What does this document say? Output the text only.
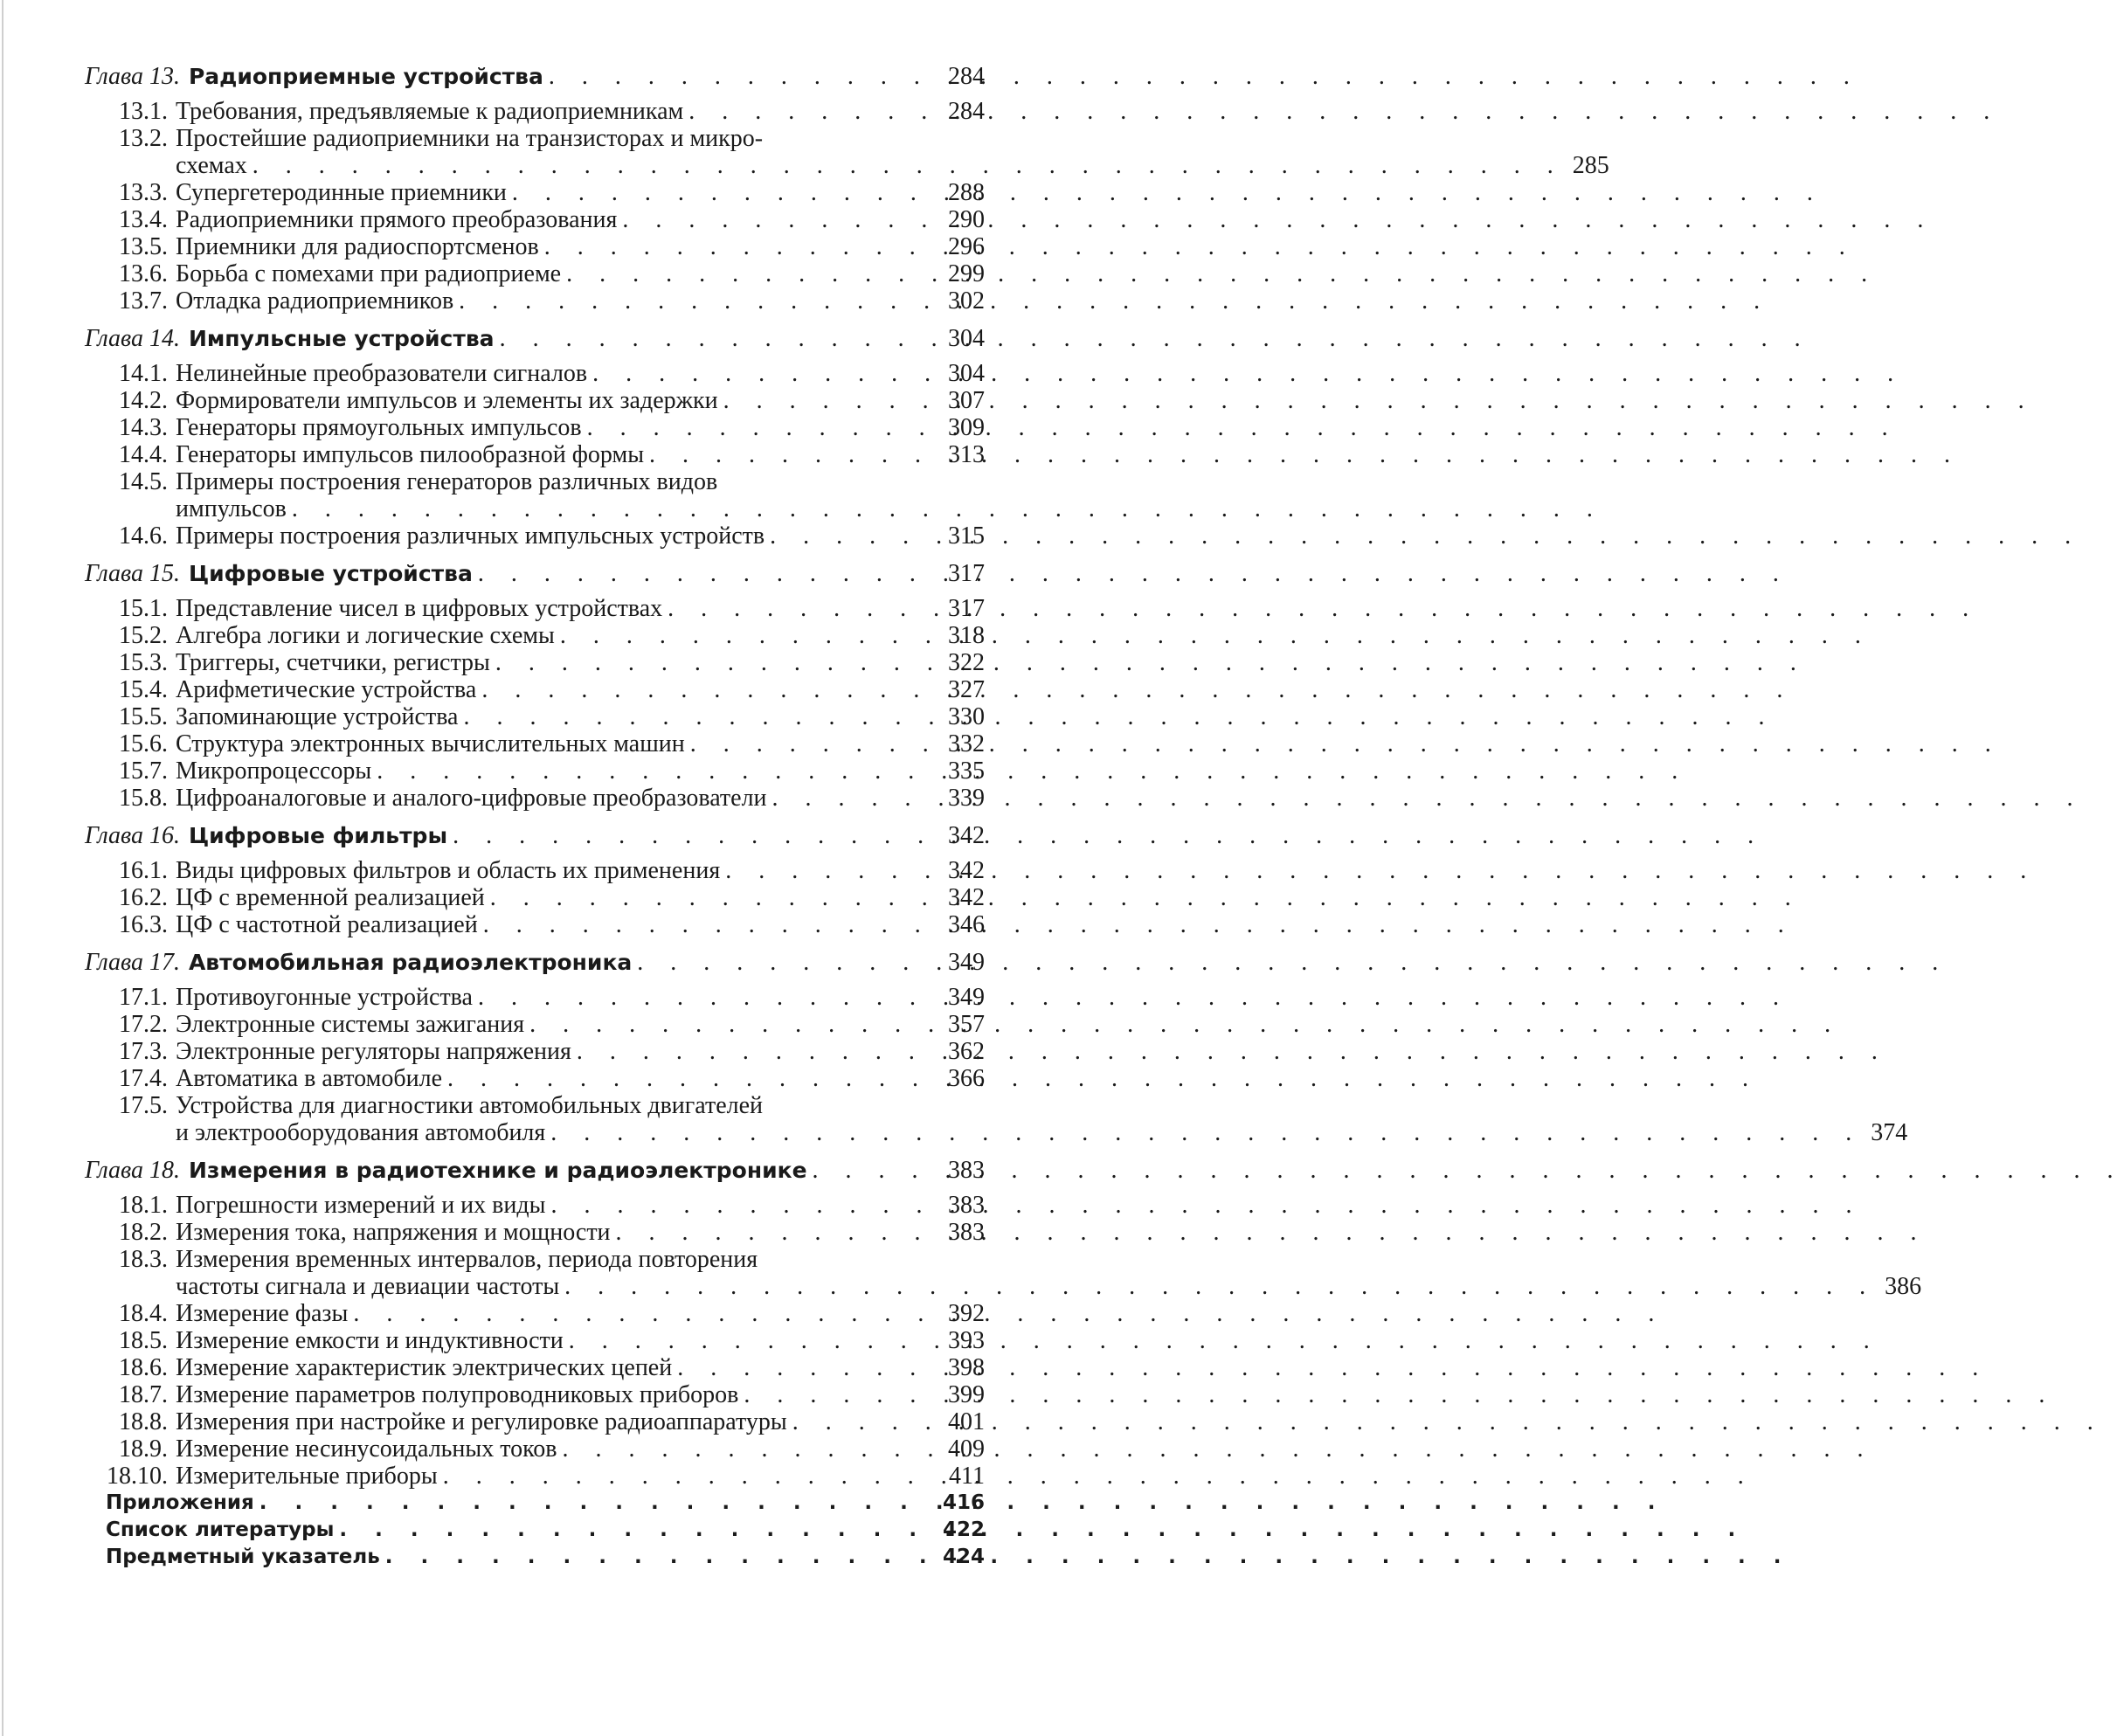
Глава 13. Радиоприемные устройства . . .	284
13.1. Требования, предъявляемые к радиоприемникам . . .	284
13.2. Простейшие радиоприемники на транзисторах и микро-
схемах . . .	285
13.3. Супергетеродинные приемники . . .	288
13.4. Радиоприемники прямого преобразования . . .	290
13.5. Приемники для радиоспортсменов . . .	296
13.6. Борьба с помехами при радиоприеме . . .	299
13.7. Отладка радиоприемников . . .	302
Глава 14. Импульсные устройства . . .	304
14.1. Нелинейные преобразователи сигналов . . .	304
14.2. Формирователи импульсов и элементы их задержки . . .	307
14.3. Генераторы прямоугольных импульсов . . .	309
14.4. Генераторы импульсов пилообразной формы . . .	313
14.5. Примеры построения генераторов различных видов
импульсов
. . .
14.6. Примеры построения различных импульсных устройств . . .	315
Глава 15. Цифровые устройства . . .	317
15.1. Представление чисел в цифровых устройствах . . .	317
15.2. Алгебра логики и логические схемы . . .	318
15.3. Триггеры, счетчики, регистры . . .	322
15.4. Арифметические устройства . . .	327
15.5. Запоминающие устройства . . .	330
15.6. Структура электронных вычислительных машин . . .	332
15.7. Микропроцессоры . . .	335
15.8. Цифроаналоговые и аналого-цифровые преобразователи . . .	339
Глава 16. Цифровые фильтры . . .	342
16.1. Виды цифровых фильтров и область их применения . . .	342
16.2. ЦФ с временной реализацией . . .	342
16.3. ЦФ с частотной реализацией . . .	346
Глава 17. Автомобильная радиоэлектроника . . .	349
17.1. Противоугонные устройства . . .	349
17.2. Электронные системы зажигания . . .	357
17.3. Электронные регуляторы напряжения . . .	362
17.4. Автоматика в автомобиле . . .	366
17.5. Устройства для диагностики автомобильных двигателей
и электрооборудования автомобиля . . .	374
Глава 18. Измерения в радиотехнике и радиоэлектронике . . .	383
18.1. Погрешности измерений и их виды . . .	383
18.2. Измерения тока, напряжения и мощности . . .	383
18.3. Измерения временных интервалов, периода повторения
частоты сигнала и девиации частоты . . .	386
18.4. Измерение фазы . . .	392
18.5. Измерение емкости и индуктивности . . .	393
18.6. Измерение характеристик электрических цепей . . .	398
18.7. Измерение параметров полупроводниковых приборов . . .	399
18.8. Измерения при настройке и регулировке радиоаппаратуры . . .	401
18.9. Измерение несинусоидальных токов . . .	409
18.10. Измерительные приборы . . .	411
Приложения . . .	416
Список литературы . . .	422
Предметный указатель . . .	424
